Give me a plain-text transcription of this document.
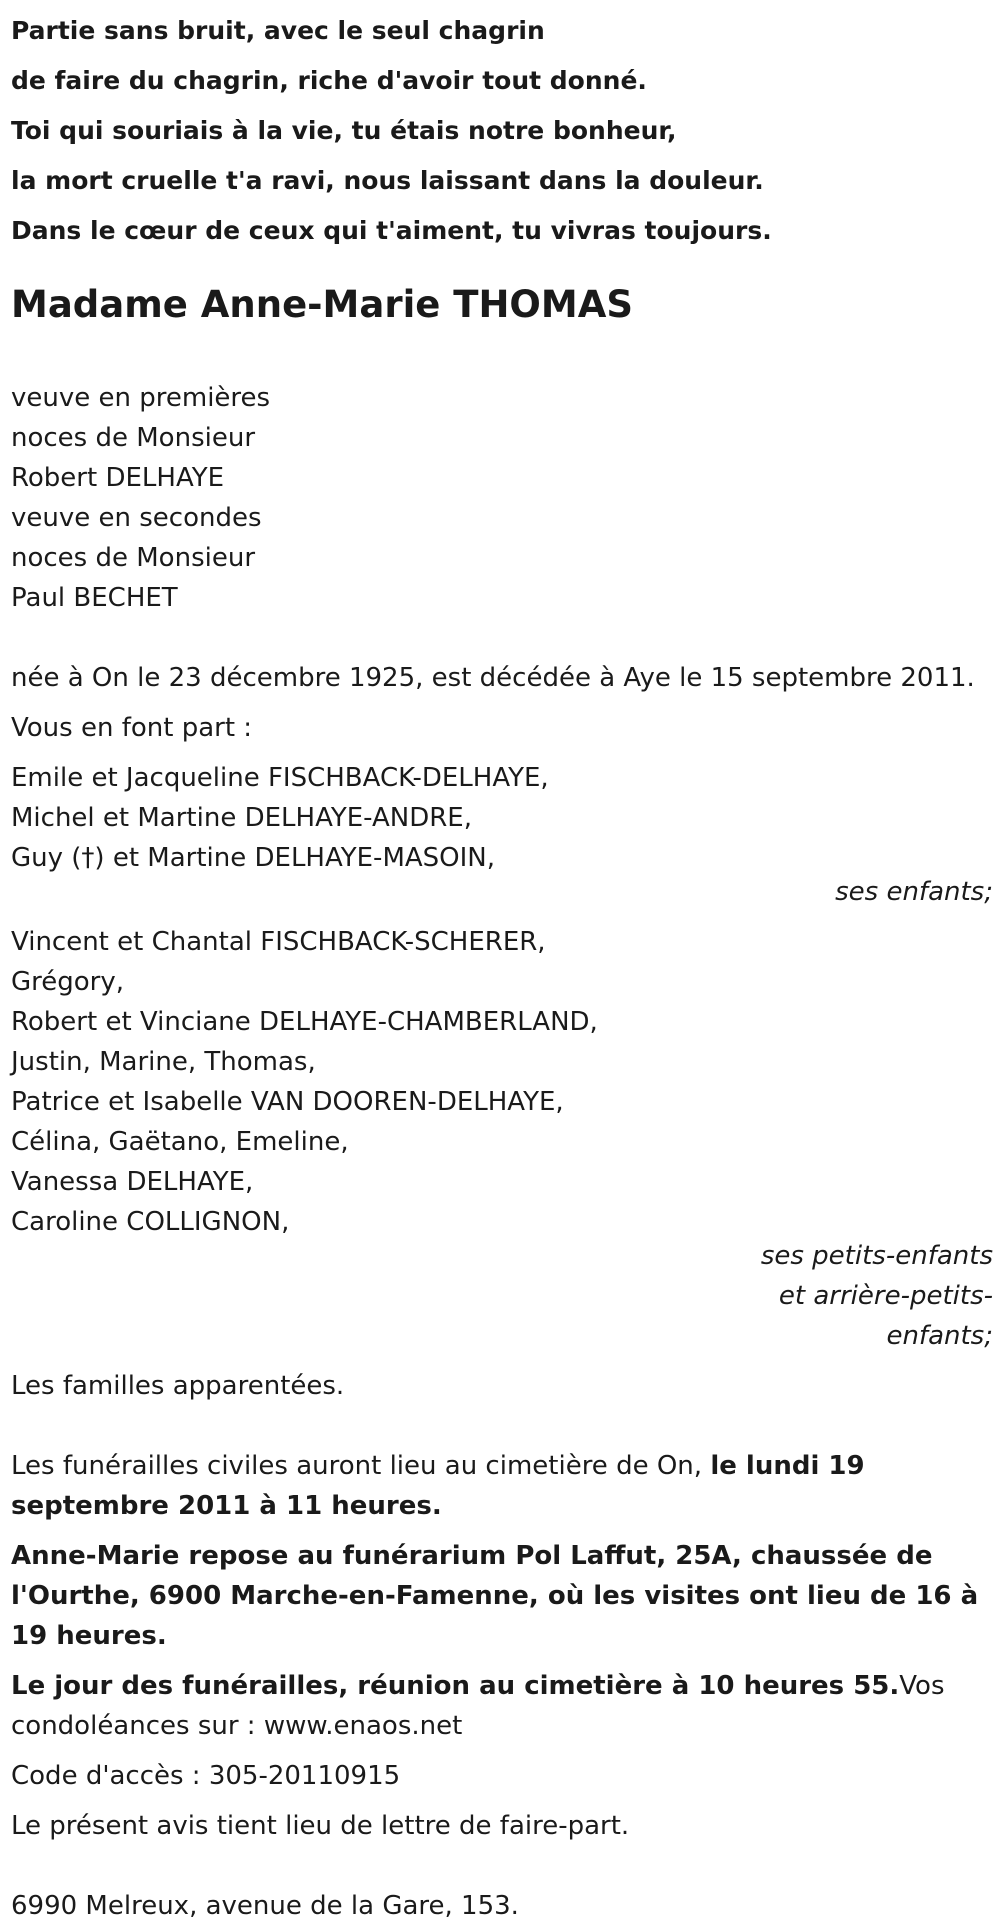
Partie sans bruit, avec le seul chagrin
de faire du chagrin, riche d'avoir tout donné.
Toi qui souriais à la vie, tu étais notre bonheur,
la mort cruelle t'a ravi, nous laissant dans la douleur.
Dans le cœur de ceux qui t'aiment, tu vivras toujours.
Madame Anne-Marie THOMAS
veuve en premières
noces de Monsieur
Robert DELHAYE
veuve en secondes
noces de Monsieur
Paul BECHET
née à On le 23 décembre 1925, est décédée à Aye le 15 septembre 2011.
Vous en font part :
Emile et Jacqueline FISCHBACK-DELHAYE,
Michel et Martine DELHAYE-ANDRE,
Guy (†) et Martine DELHAYE-MASOIN,
ses enfants;
Vincent et Chantal FISCHBACK-SCHERER,
Grégory,
Robert et Vinciane DELHAYE-CHAMBERLAND,
Justin, Marine, Thomas,
Patrice et Isabelle VAN DOOREN-DELHAYE,
Célina, Gaëtano, Emeline,
Vanessa DELHAYE,
Caroline COLLIGNON,
ses petits-enfants
et arrière-petits-
enfants;
Les familles apparentées.
Les funérailles civiles auront lieu au cimetière de On, le lundi 19 septembre 2011 à 11 heures.
Anne-Marie repose au funérarium Pol Laffut, 25A, chaussée de l'Ourthe, 6900 Marche-en-Famenne, où les visites ont lieu de 16 à 19 heures.
Le jour des funérailles, réunion au cimetière à 10 heures 55.Vos condoléances sur : www.enaos.net
Code d'accès : 305-20110915
Le présent avis tient lieu de lettre de faire-part.
6990 Melreux, avenue de la Gare, 153.
